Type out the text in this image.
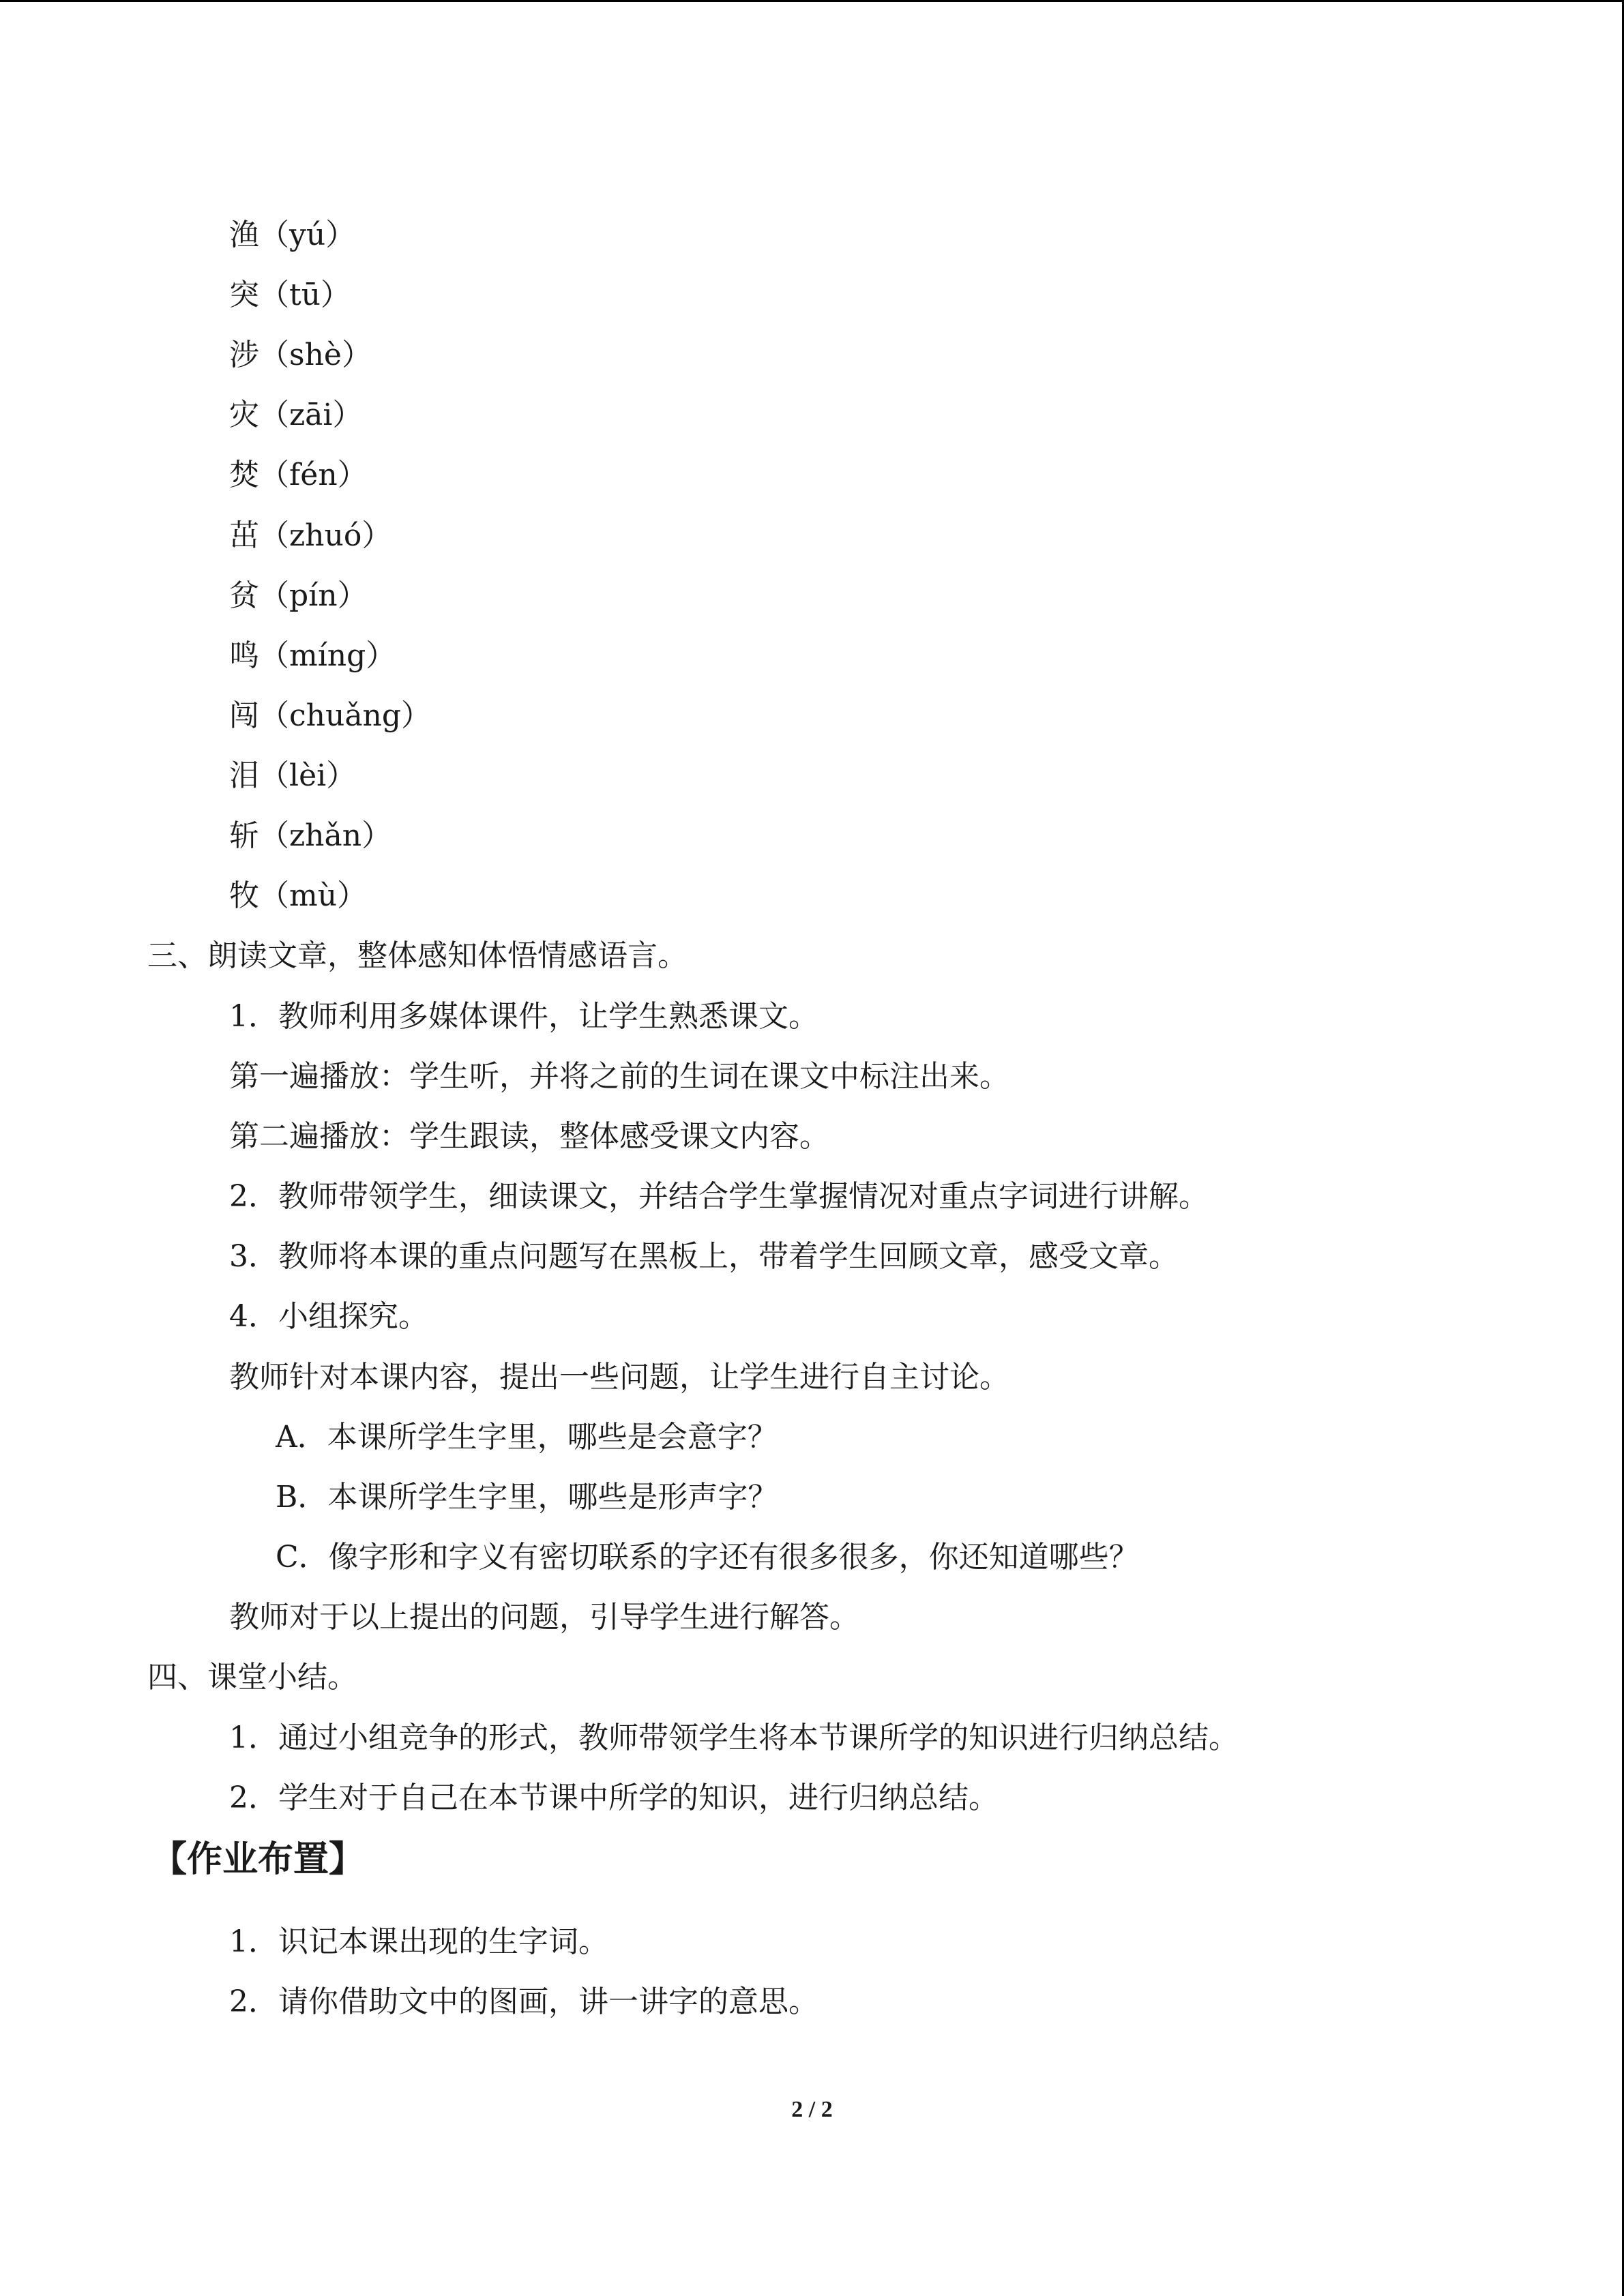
渔（yú）
突（tū）
涉（shè）
灾（zāi）
焚（fén）
茁（zhuó）
贫（pín）
鸣（míng）
闯（chuǎng）
泪（lèi）
斩（zhǎn）
牧（mù）
三、朗读文章，整体感知体悟情感语言。
1．教师利用多媒体课件，让学生熟悉课文。
第一遍播放：学生听，并将之前的生词在课文中标注出来。
第二遍播放：学生跟读，整体感受课文内容。
2．教师带领学生，细读课文，并结合学生掌握情况对重点字词进行讲解。
3．教师将本课的重点问题写在黑板上，带着学生回顾文章，感受文章。
4．小组探究。
教师针对本课内容，提出一些问题，让学生进行自主讨论。
A．本课所学生字里，哪些是会意字？
B．本课所学生字里，哪些是形声字？
C．像字形和字义有密切联系的字还有很多很多，你还知道哪些？
教师对于以上提出的问题，引导学生进行解答。
四、课堂小结。
1．通过小组竞争的形式，教师带领学生将本节课所学的知识进行归纳总结。
2．学生对于自己在本节课中所学的知识，进行归纳总结。
【作业布置】
1．识记本课出现的生字词。
2．请你借助文中的图画，讲一讲字的意思。
2 / 2
